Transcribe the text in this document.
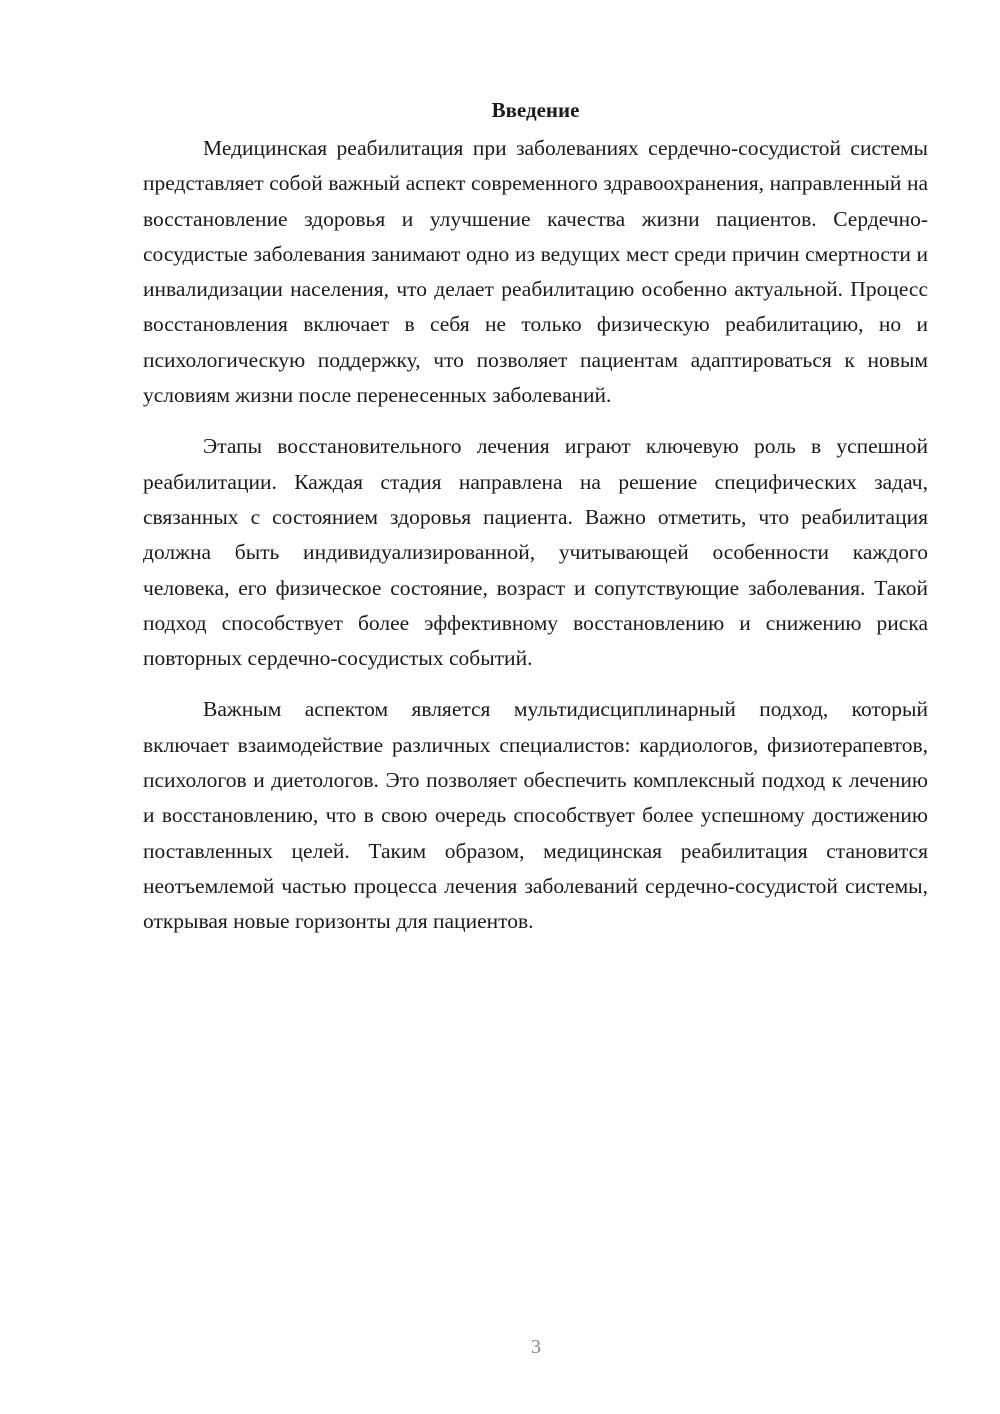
Введение

Медицинская реабилитация при заболеваниях сердечно-сосудистой системы представляет собой важный аспект современного здравоохранения, направленный на восстановление здоровья и улучшение качества жизни пациентов. Сердечно-сосудистые заболевания занимают одно из ведущих мест среди причин смертности и инвалидизации населения, что делает реабилитацию особенно актуальной. Процесс восстановления включает в себя не только физическую реабилитацию, но и психологическую поддержку, что позволяет пациентам адаптироваться к новым условиям жизни после перенесенных заболеваний.

Этапы восстановительного лечения играют ключевую роль в успешной реабилитации. Каждая стадия направлена на решение специфических задач, связанных с состоянием здоровья пациента. Важно отметить, что реабилитация должна быть индивидуализированной, учитывающей особенности каждого человека, его физическое состояние, возраст и сопутствующие заболевания. Такой подход способствует более эффективному восстановлению и снижению риска повторных сердечно-сосудистых событий.

Важным аспектом является мультидисциплинарный подход, который включает взаимодействие различных специалистов: кардиологов, физиотерапевтов, психологов и диетологов. Это позволяет обеспечить комплексный подход к лечению и восстановлению, что в свою очередь способствует более успешному достижению поставленных целей. Таким образом, медицинская реабилитация становится неотъемлемой частью процесса лечения заболеваний сердечно-сосудистой системы, открывая новые горизонты для пациентов.

3
